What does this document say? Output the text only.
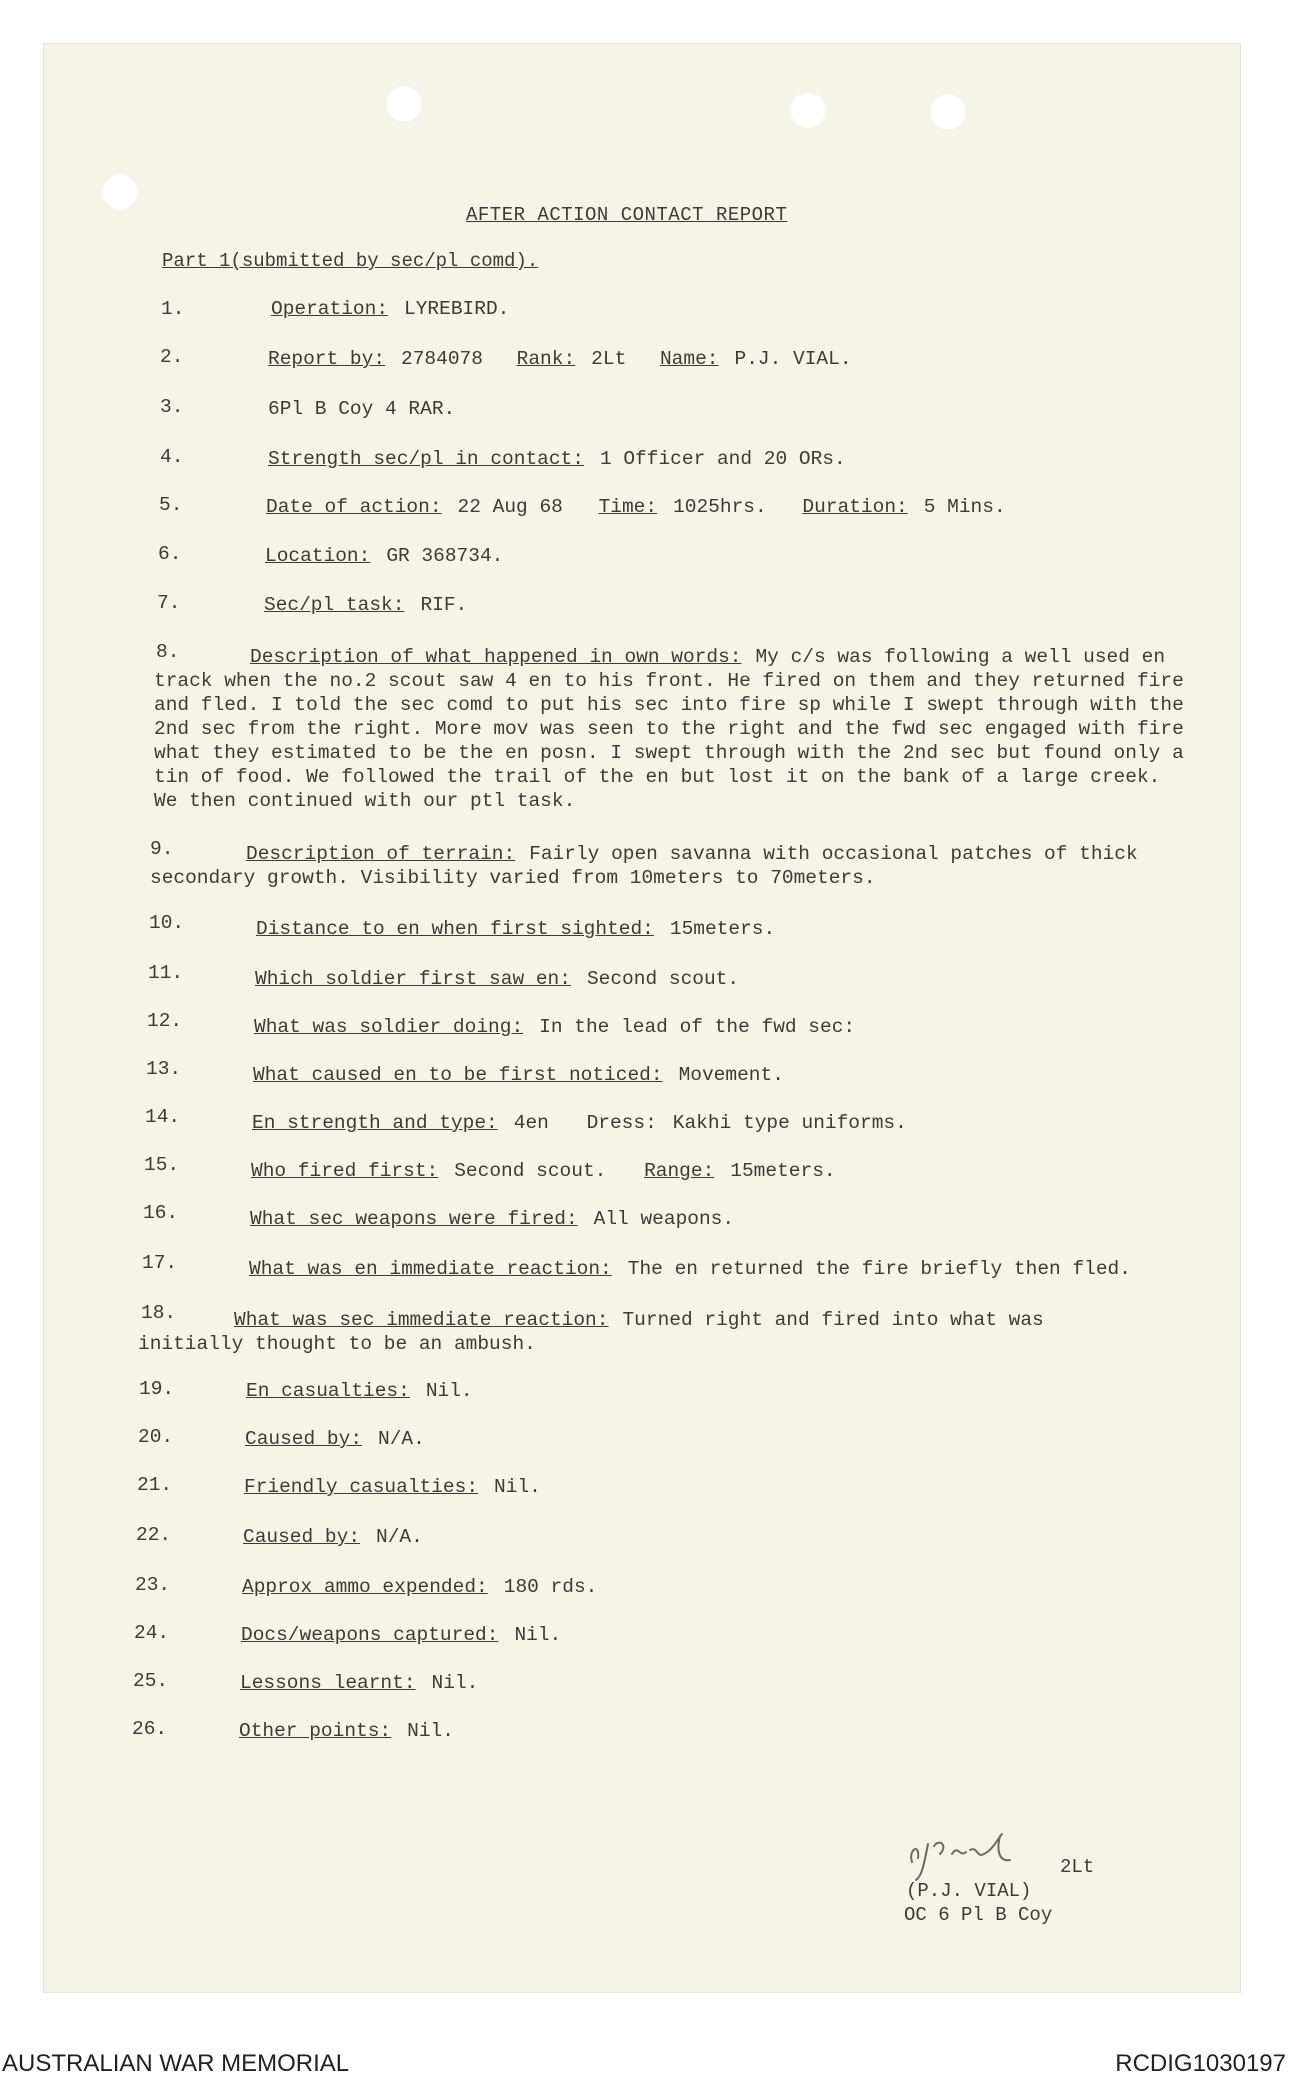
AFTER ACTION CONTACT REPORT
Part 1(submitted by sec/pl comd).
1.	Operation: LYREBIRD.
2.	Report by: 2784078 Rank: 2Lt Name: P.J. VIAL.
3.	6Pl B Coy 4 RAR.
4.	Strength sec/pl in contact: 1 Officer and 20 ORs.
5.	Date of action: 22 Aug 68 Time: 1025hrs. Duration: 5 Mins.
6.	Location: GR 368734.
7.	Sec/pl task: RIF.
8.	Description of what happened in own words: My c/s was following a well used en track when the no.2 scout saw 4 en to his front. He fired on them and they returned fire and fled. I told the sec comd to put his sec into fire sp while I swept through with the 2nd sec from the right. More mov was seen to the right and the fwd sec engaged with fire what they estimated to be the en posn. I swept through with the 2nd sec but found only a tin of food. We followed the trail of the en but lost it on the bank of a large creek. We then continued with our ptl task.
9.	Description of terrain: Fairly open savanna with occasional patches of thick secondary growth. Visibility varied from 10meters to 70meters.
10.	Distance to en when first sighted: 15meters.
11.	Which soldier first saw en: Second scout.
12.	What was soldier doing: In the lead of the fwd sec:
13.	What caused en to be first noticed: Movement.
14.	En strength and type: 4en Dress: Kakhi type uniforms.
15.	Who fired first: Second scout. Range: 15meters.
16.	What sec weapons were fired: All weapons.
17.	What was en immediate reaction: The en returned the fire briefly then fled.
18.	What was sec immediate reaction: Turned right and fired into what was initially thought to be an ambush.
19.	En casualties: Nil.
20.	Caused by: N/A.
21.	Friendly casualties: Nil.
22.	Caused by: N/A.
23.	Approx ammo expended: 180 rds.
24.	Docs/weapons captured: Nil.
25.	Lessons learnt: Nil.
26.	Other points: Nil.
2Lt
(P.J. VIAL)
OC 6 Pl B Coy
AUSTRALIAN WAR MEMORIAL	RCDIG1030197
